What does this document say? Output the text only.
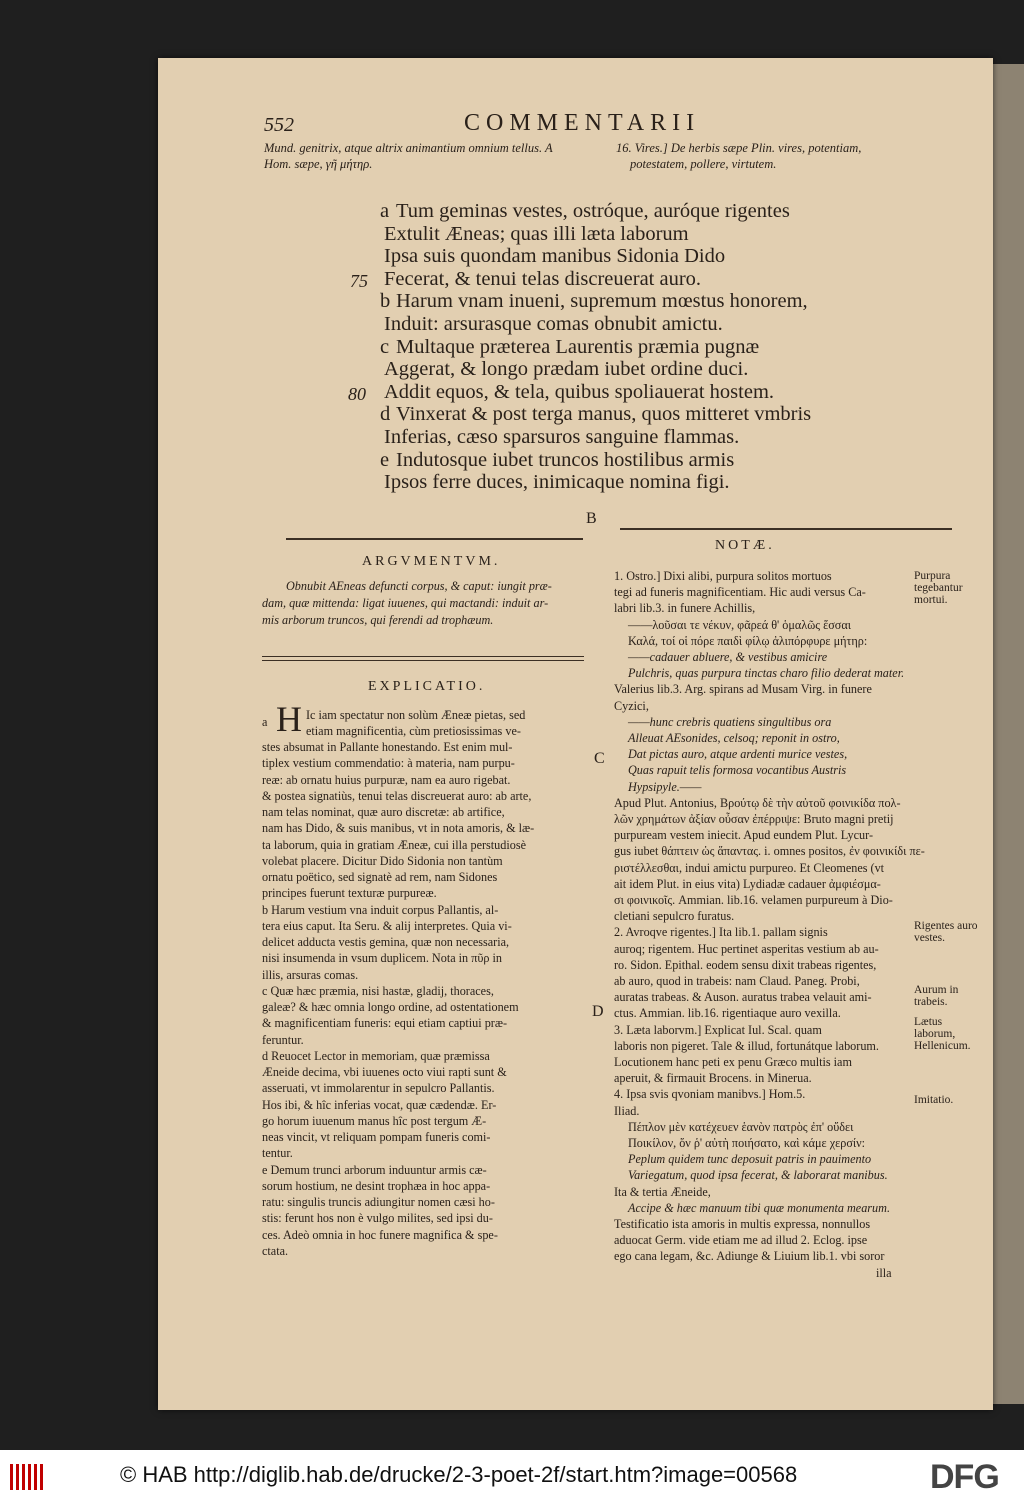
552	COMMENTARII
Mund. genitrix, atque altrix animantium omnium tellus. A
Hom. sæpe, γῆ μήτηρ.
16. Vires.] De herbis sæpe Plin. vires, potentiam,
potestatem, pollere, virtutem.
a Tum geminas vestes, ostróque, auróque rigentes
Extulit Æneas; quas illi læta laborum
Ipsa suis quondam manibus Sidonia Dido
75 Fecerat, & tenui telas discreuerat auro.
b Harum vnam inueni, supremum mœstus honorem,
Induit: arsurasque comas obnubit amictu.
c Multaque præterea Laurentis præmia pugnæ
Aggerat, & longo prædam iubet ordine duci.
80 Addit equos, & tela, quibus spoliauerat hostem.
d Vinxerat & post terga manus, quos mitteret vmbris
Inferias, cæso sparsuros sanguine flammas.
e Indutosque iubet truncos hostilibus armis
Ipsos ferre duces, inimicaque nomina figi.
B
ARGVMENTVM.
Obnubit AEneas defuncti corpus, & caput: iungit præ-
dam, quæ mittenda: ligat iuuenes, qui mactandi: induit ar-
mis arborum truncos, qui ferendi ad trophæum.
EXPLICATIO.
a H Ic iam spectatur non solùm Æneæ pietas, sed
etiam magnificentia, cùm pretiosissimas ve-
stes absumat in Pallante honestando. Est enim mul-
tiplex vestium commendatio: à materia, nam purpu-
reæ: ab ornatu huius purpuræ, nam ea auro rigebat.
& postea signatiùs, tenui telas discreuerat auro: ab arte,
nam telas nominat, quæ auro discretæ: ab artifice,
nam has Dido, & suis manibus, vt in nota amoris, & læ-
ta laborum, quia in gratiam Æneæ, cui illa perstudiosè
volebat placere. Dicitur Dido Sidonia non tantùm
ornatu poëtico, sed signatè ad rem, nam Sidones
principes fuerunt texturæ purpureæ.
b Harum vestium vna induit corpus Pallantis, al-
tera eius caput. Ita Seru. & alij interpretes. Quia vi-
delicet adducta vestis gemina, quæ non necessaria,
nisi insumenda in vsum duplicem. Nota in πῦρ in
illis, arsuras comas.
c Quæ hæc præmia, nisi hastæ, gladij, thoraces,
galeæ? & hæc omnia longo ordine, ad ostentationem
& magnificentiam funeris: equi etiam captiui præ-
feruntur.
d Reuocet Lector in memoriam, quæ præmissa
Æneide decima, vbi iuuenes octo viui rapti sunt &
asseruati, vt immolarentur in sepulcro Pallantis.
Hos ibi, & hîc inferias vocat, quæ cædendæ. Er-
go horum iuuenum manus hîc post tergum Æ-
neas vincit, vt reliquam pompam funeris comi-
tentur.
e Demum trunci arborum induuntur armis cæ-
sorum hostium, ne desint trophæa in hoc appa-
ratu: singulis truncis adiungitur nomen cæsi ho-
stis: ferunt hos non è vulgo milites, sed ipsi du-
ces. Adeò omnia in hoc funere magnifica & spe-
ctata.
C
D
NOTÆ.
1. Ostro.] Dixi alibi, purpura solitos mortuos
tegi ad funeris magnificentiam. Hic audi versus Ca-
labri lib.3. in funere Achillis,
——λοῦσαι τε νέκυν, φᾶρεά θ' ὁμαλῶς ἕσσαι
Καλά, τοί οἱ πόρε παιδὶ φίλῳ ἀλιπόρφυρε μήτηρ:
——cadauer abluere, & vestibus amicire
Pulchris, quas purpura tinctas charo filio dederat mater.
Valerius lib.3. Arg. spirans ad Musam Virg. in funere
Cyzici,
——hunc crebris quatiens singultibus ora
Alleuat AEsonides, celsoq; reponit in ostro,
Dat pictas auro, atque ardenti murice vestes,
Quas rapuit telis formosa vocantibus Austris
Hypsipyle.——
Apud Plut. Antonius, Βρούτῳ δὲ τὴν αὐτοῦ φοινικίδα πολ-
λῶν χρημάτων ἀξίαν οὖσαν ἐπέρριψε: Bruto magni pretij
purpuream vestem iniecit. Apud eundem Plut. Lycur-
gus iubet θάπτειν ὡς ἅπαντας. i. omnes positos, ἐν φοινικίδι πε-
ριστέλλεσθαι, indui amictu purpureo. Et Cleomenes (vt
ait idem Plut. in eius vita) Lydiadæ cadauer ἀμφιέσμα-
σι φοινικοῖς. Ammian. lib.16. velamen purpureum à Dio-
cletiani sepulcro furatus.
2. Avroqve rigentes.] Ita lib.1. pallam signis
auroq; rigentem. Huc pertinet asperitas vestium ab au-
ro. Sidon. Epithal. eodem sensu dixit trabeas rigentes,
ab auro, quod in trabeis: nam Claud. Paneg. Probi,
auratas trabeas. & Auson. auratus trabea velauit ami-
ctus. Ammian. lib.16. rigentiaque auro vexilla.
3. Læta laborvm.] Explicat Iul. Scal. quam
laboris non pigeret. Tale & illud, fortunátque laborum.
Locutionem hanc peti ex penu Græco multis iam
aperuit, & firmauit Brocens. in Minerua.
4. Ipsa svis qvoniam manibvs.] Hom.5.
Iliad.
Πέπλον μὲν κατέχευεν ἑανὸν πατρὸς ἐπ' οὔδει
Ποικίλον, ὅν ῥ' αὐτὴ ποιήσατο, καὶ κάμε χερσίν:
Peplum quidem tunc deposuit patris in pauimento
Variegatum, quod ipsa fecerat, & laborarat manibus.
Ita & tertia Æneide,
Accipe & hæc manuum tibi quæ monumenta mearum.
Testificatio ista amoris in multis expressa, nonnullos
aduocat Germ. vide etiam me ad illud 2. Eclog. ipse
ego cana legam, &c. Adiunge & Liuium lib.1. vbi soror
illa
Purpura tegebantur mortui.
Rigentes auro vestes.
Aurum in trabeis.
Lætus laborum, Hellenicum.
Imitatio.
© HAB http://diglib.hab.de/drucke/2-3-poet-2f/start.htm?image=00568	DFG
